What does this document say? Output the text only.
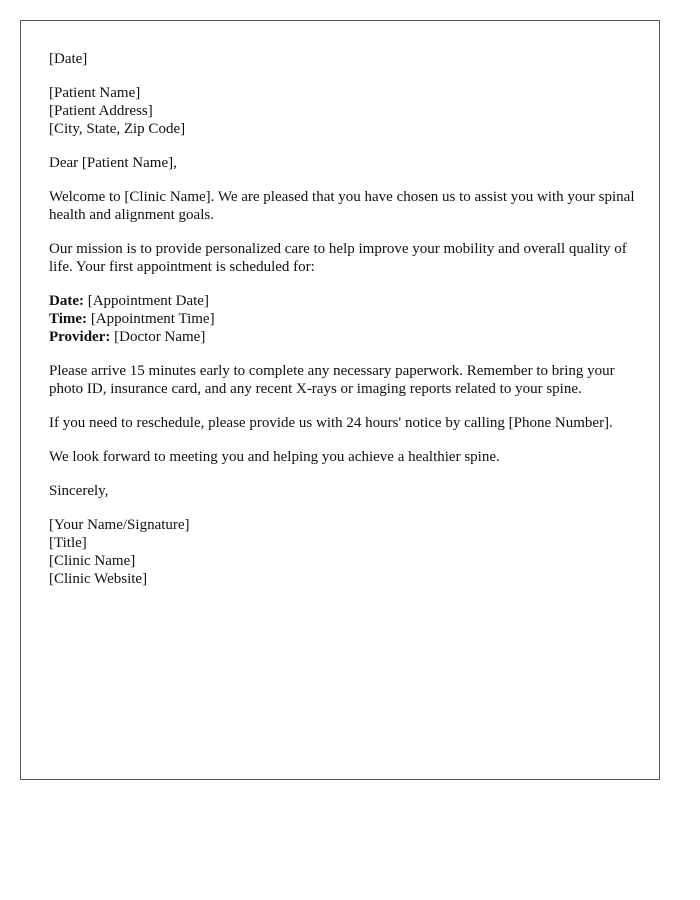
[Date]
[Patient Name]
[Patient Address]
[City, State, Zip Code]

Dear [Patient Name],

Welcome to [Clinic Name]. We are pleased that you have chosen us to assist you with your spinal health and alignment goals.

Our mission is to provide personalized care to help improve your mobility and overall quality of life. Your first appointment is scheduled for:

Date: [Appointment Date]
Time: [Appointment Time]
Provider: [Doctor Name]

Please arrive 15 minutes early to complete any necessary paperwork. Remember to bring your photo ID, insurance card, and any recent X-rays or imaging reports related to your spine.

If you need to reschedule, please provide us with 24 hours' notice by calling [Phone Number].

We look forward to meeting you and helping you achieve a healthier spine.

Sincerely,

[Your Name/Signature]
[Title]
[Clinic Name]
[Clinic Website]
